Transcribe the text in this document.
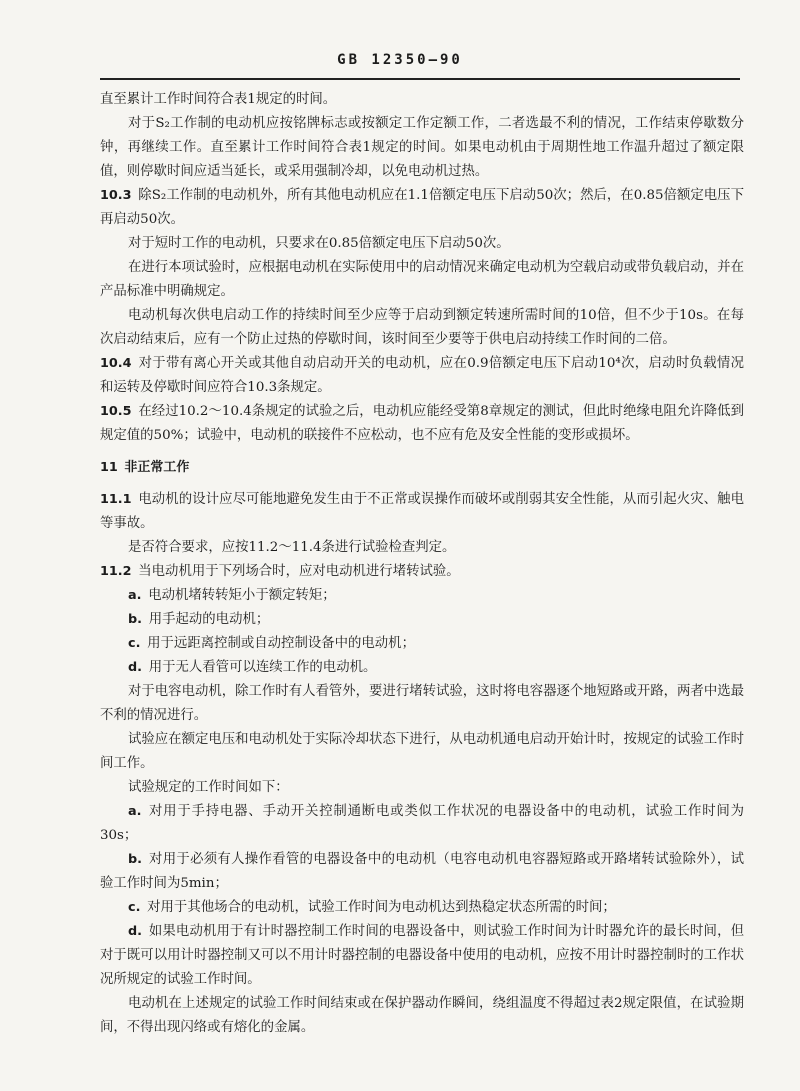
GB 12350—90

直至累计工作时间符合表1规定的时间。

对于S₂工作制的电动机应按铭牌标志或按额定工作定额工作，二者选最不利的情况，工作结束停歇数分钟，再继续工作。直至累计工作时间符合表1规定的时间。如果电动机由于周期性地工作温升超过了额定限值，则停歇时间应适当延长，或采用强制冷却，以免电动机过热。

10.3  除S₂工作制的电动机外，所有其他电动机应在1.1倍额定电压下启动50次；然后，在0.85倍额定电压下再启动50次。

对于短时工作的电动机，只要求在0.85倍额定电压下启动50次。

在进行本项试验时，应根据电动机在实际使用中的启动情况来确定电动机为空载启动或带负载启动，并在产品标准中明确规定。

电动机每次供电启动工作的持续时间至少应等于启动到额定转速所需时间的10倍，但不少于10s。在每次启动结束后，应有一个防止过热的停歇时间，该时间至少要等于供电启动持续工作时间的二倍。

10.4  对于带有离心开关或其他自动启动开关的电动机，应在0.9倍额定电压下启动10⁴次，启动时负载情况和运转及停歇时间应符合10.3条规定。

10.5  在经过10.2～10.4条规定的试验之后，电动机应能经受第8章规定的测试，但此时绝缘电阻允许降低到规定值的50%；试验中，电动机的联接件不应松动，也不应有危及安全性能的变形或损坏。

11  非正常工作

11.1  电动机的设计应尽可能地避免发生由于不正常或误操作而破坏或削弱其安全性能，从而引起火灾、触电等事故。

是否符合要求，应按11.2～11.4条进行试验检查判定。

11.2  当电动机用于下列场合时，应对电动机进行堵转试验。

a.  电动机堵转转矩小于额定转矩；

b.  用手起动的电动机；

c.  用于远距离控制或自动控制设备中的电动机；

d.  用于无人看管可以连续工作的电动机。

对于电容电动机，除工作时有人看管外，要进行堵转试验，这时将电容器逐个地短路或开路，两者中选最不利的情况进行。

试验应在额定电压和电动机处于实际冷却状态下进行，从电动机通电启动开始计时，按规定的试验工作时间工作。

试验规定的工作时间如下：

a.  对用于手持电器、手动开关控制通断电或类似工作状况的电器设备中的电动机，试验工作时间为30s；

b.  对用于必须有人操作看管的电器设备中的电动机（电容电动机电容器短路或开路堵转试验除外），试验工作时间为5min；

c.  对用于其他场合的电动机，试验工作时间为电动机达到热稳定状态所需的时间；

d.  如果电动机用于有计时器控制工作时间的电器设备中，则试验工作时间为计时器允许的最长时间，但对于既可以用计时器控制又可以不用计时器控制的电器设备中使用的电动机，应按不用计时器控制时的工作状况所规定的试验工作时间。

电动机在上述规定的试验工作时间结束或在保护器动作瞬间，绕组温度不得超过表2规定限值，在试验期间，不得出现闪络或有熔化的金属。
